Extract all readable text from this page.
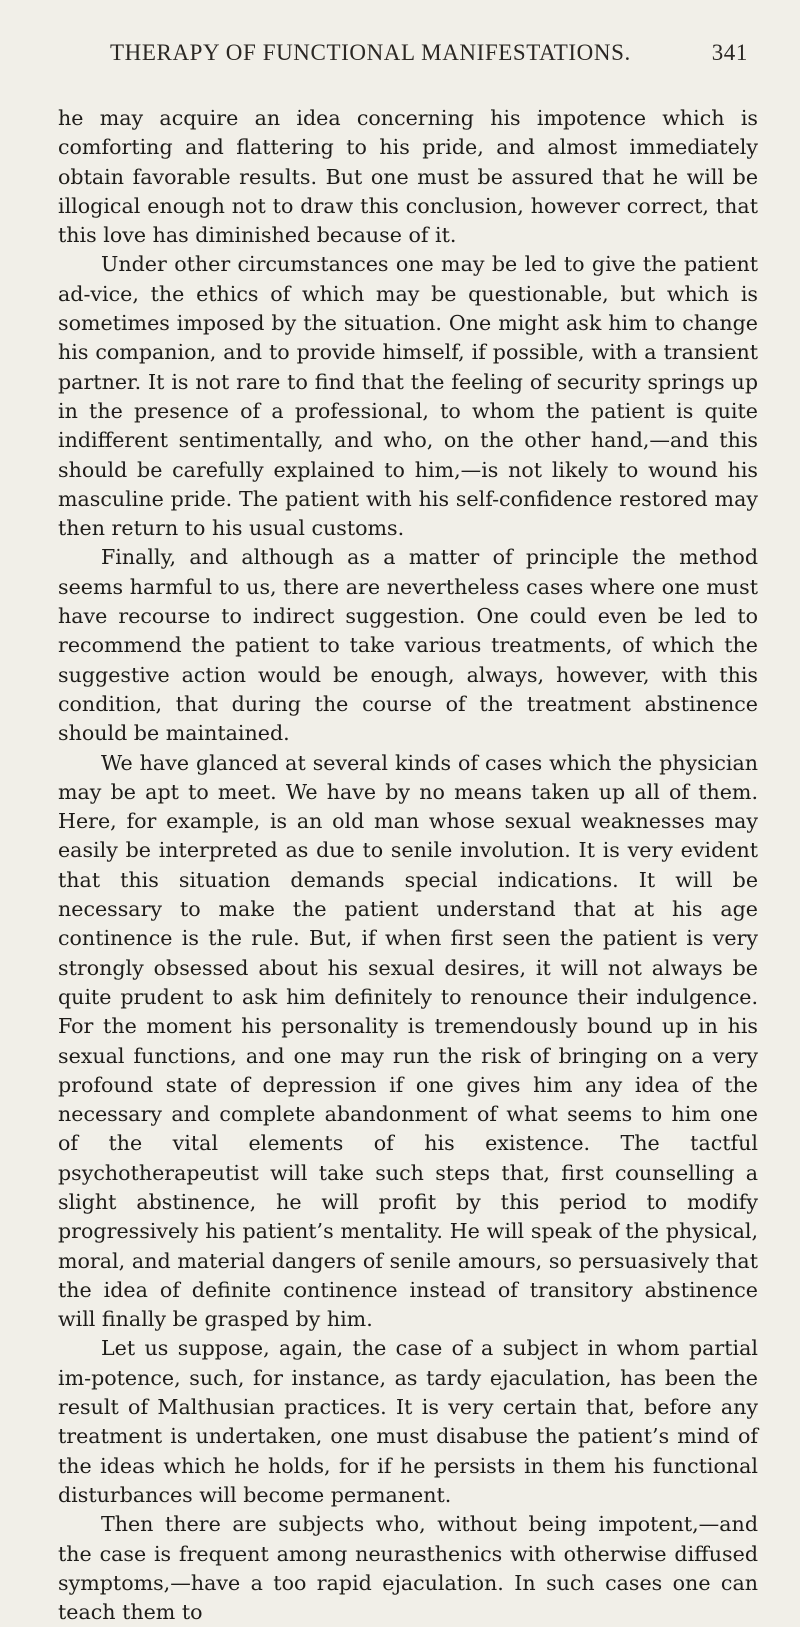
THERAPY OF FUNCTIONAL MANIFESTATIONS.	341

he may acquire an idea concerning his impotence which is comforting and flattering to his pride, and almost immediately obtain favorable results. But one must be assured that he will be illogical enough not to draw this conclusion, however correct, that this love has diminished because of it.

Under other circumstances one may be led to give the patient ad-vice, the ethics of which may be questionable, but which is sometimes imposed by the situation. One might ask him to change his companion, and to provide himself, if possible, with a transient partner. It is not rare to find that the feeling of security springs up in the presence of a professional, to whom the patient is quite indifferent sentimentally, and who, on the other hand,—and this should be carefully explained to him,—is not likely to wound his masculine pride. The patient with his self-confidence restored may then return to his usual customs.

Finally, and although as a matter of principle the method seems harmful to us, there are nevertheless cases where one must have recourse to indirect suggestion. One could even be led to recommend the patient to take various treatments, of which the suggestive action would be enough, always, however, with this condition, that during the course of the treatment abstinence should be maintained.

We have glanced at several kinds of cases which the physician may be apt to meet. We have by no means taken up all of them. Here, for example, is an old man whose sexual weaknesses may easily be interpreted as due to senile involution. It is very evident that this situation demands special indications. It will be necessary to make the patient understand that at his age continence is the rule. But, if when first seen the patient is very strongly obsessed about his sexual desires, it will not always be quite prudent to ask him definitely to renounce their indulgence. For the moment his personality is tremendously bound up in his sexual functions, and one may run the risk of bringing on a very profound state of depression if one gives him any idea of the necessary and complete abandonment of what seems to him one of the vital elements of his existence. The tactful psychotherapeutist will take such steps that, first counselling a slight abstinence, he will profit by this period to modify progressively his patient’s mentality. He will speak of the physical, moral, and material dangers of senile amours, so persuasively that the idea of definite continence instead of transitory abstinence will finally be grasped by him.

Let us suppose, again, the case of a subject in whom partial im-potence, such, for instance, as tardy ejaculation, has been the result of Malthusian practices. It is very certain that, before any treatment is undertaken, one must disabuse the patient’s mind of the ideas which he holds, for if he persists in them his functional disturbances will become permanent.

Then there are subjects who, without being impotent,—and the case is frequent among neurasthenics with otherwise diffused symptoms,—have a too rapid ejaculation. In such cases one can teach them to
